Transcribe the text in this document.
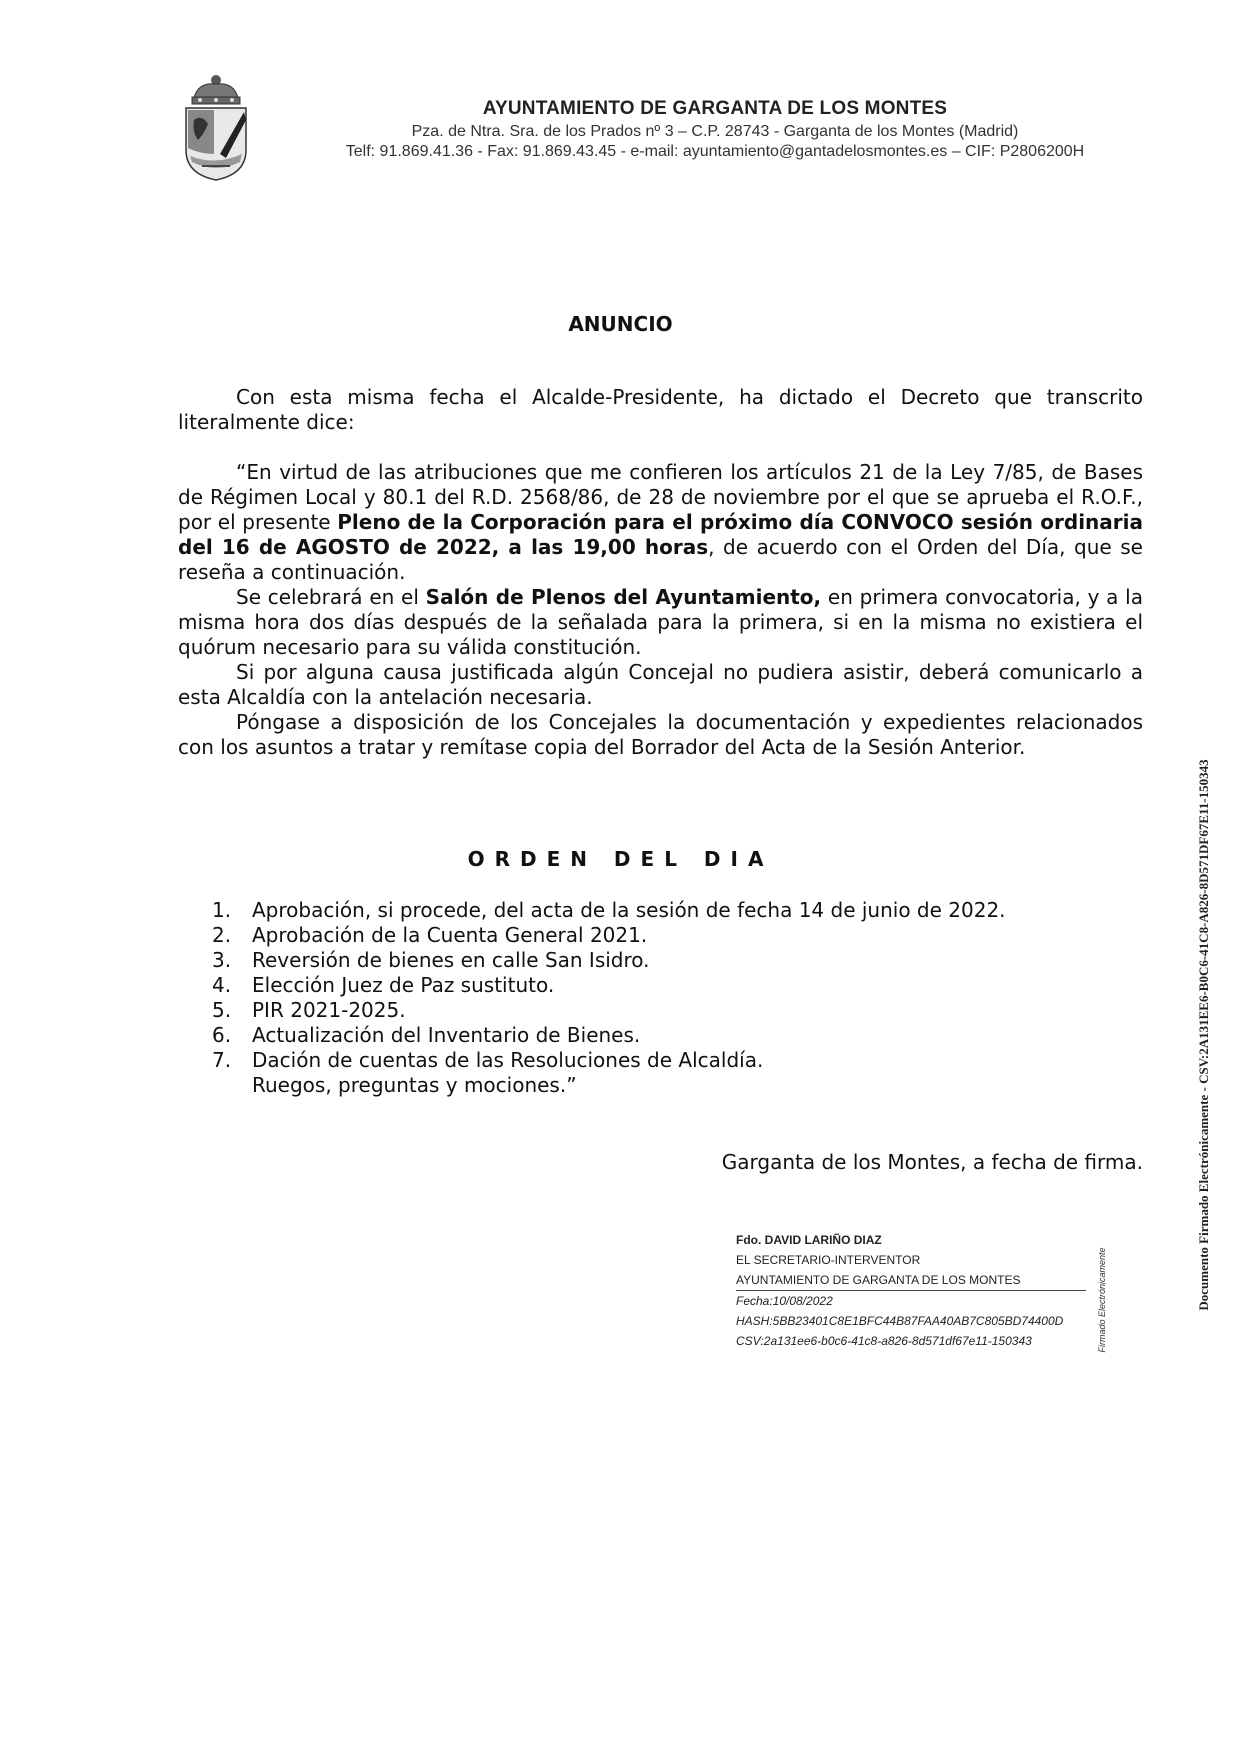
AYUNTAMIENTO DE GARGANTA DE LOS MONTES
Pza. de Ntra. Sra. de los Prados nº 3 – C.P. 28743 - Garganta de los Montes (Madrid)
Telf: 91.869.41.36 - Fax: 91.869.43.45 - e-mail: ayuntamiento@gantadelosmontes.es – CIF: P2806200H
ANUNCIO

Con esta misma fecha el Alcalde-Presidente, ha dictado el Decreto que transcrito literalmente dice:

“En virtud de las atribuciones que me confieren los artículos 21 de la Ley 7/85, de Bases de Régimen Local y 80.1 del R.D. 2568/86, de 28 de noviembre por el que se aprueba el R.O.F., por el presente Pleno de la Corporación para el próximo día CONVOCO sesión ordinaria del 16 de AGOSTO de 2022, a las 19,00 horas, de acuerdo con el Orden del Día, que se reseña a continuación.

Se celebrará en el Salón de Plenos del Ayuntamiento, en primera convocatoria, y a la misma hora dos días después de la señalada para la primera, si en la misma no existiera el quórum necesario para su válida constitución.

Si por alguna causa justificada algún Concejal no pudiera asistir, deberá comunicarlo a esta Alcaldía con la antelación necesaria.

Póngase a disposición de los Concejales la documentación y expedientes relacionados con los asuntos a tratar y remítase copia del Borrador del Acta de la Sesión Anterior.

ORDEN DEL DIA
1.	Aprobación, si procede, del acta de la sesión de fecha 14 de junio de 2022.
2.	Aprobación de la Cuenta General 2021.
3.	Reversión de bienes en calle San Isidro.
4.	Elección Juez de Paz sustituto.
5.	PIR 2021-2025.
6.	Actualización del Inventario de Bienes.
7.	Dación de cuentas de las Resoluciones de Alcaldía.
Ruegos, preguntas y mociones.”
Garganta de los Montes, a fecha de firma.
Fdo. DAVID LARIÑO DIAZ
EL SECRETARIO-INTERVENTOR
AYUNTAMIENTO DE GARGANTA DE LOS MONTES
Fecha:10/08/2022
HASH:5BB23401C8E1BFC44B87FAA40AB7C805BD74400D
CSV:2a131ee6-b0c6-41c8-a826-8d571df67e11-150343	Firmado Electrónicamente	Documento Firmado Electrónicamente - CSV:2A131EE6-B0C6-41C8-A826-8D571DF67E11-150343
